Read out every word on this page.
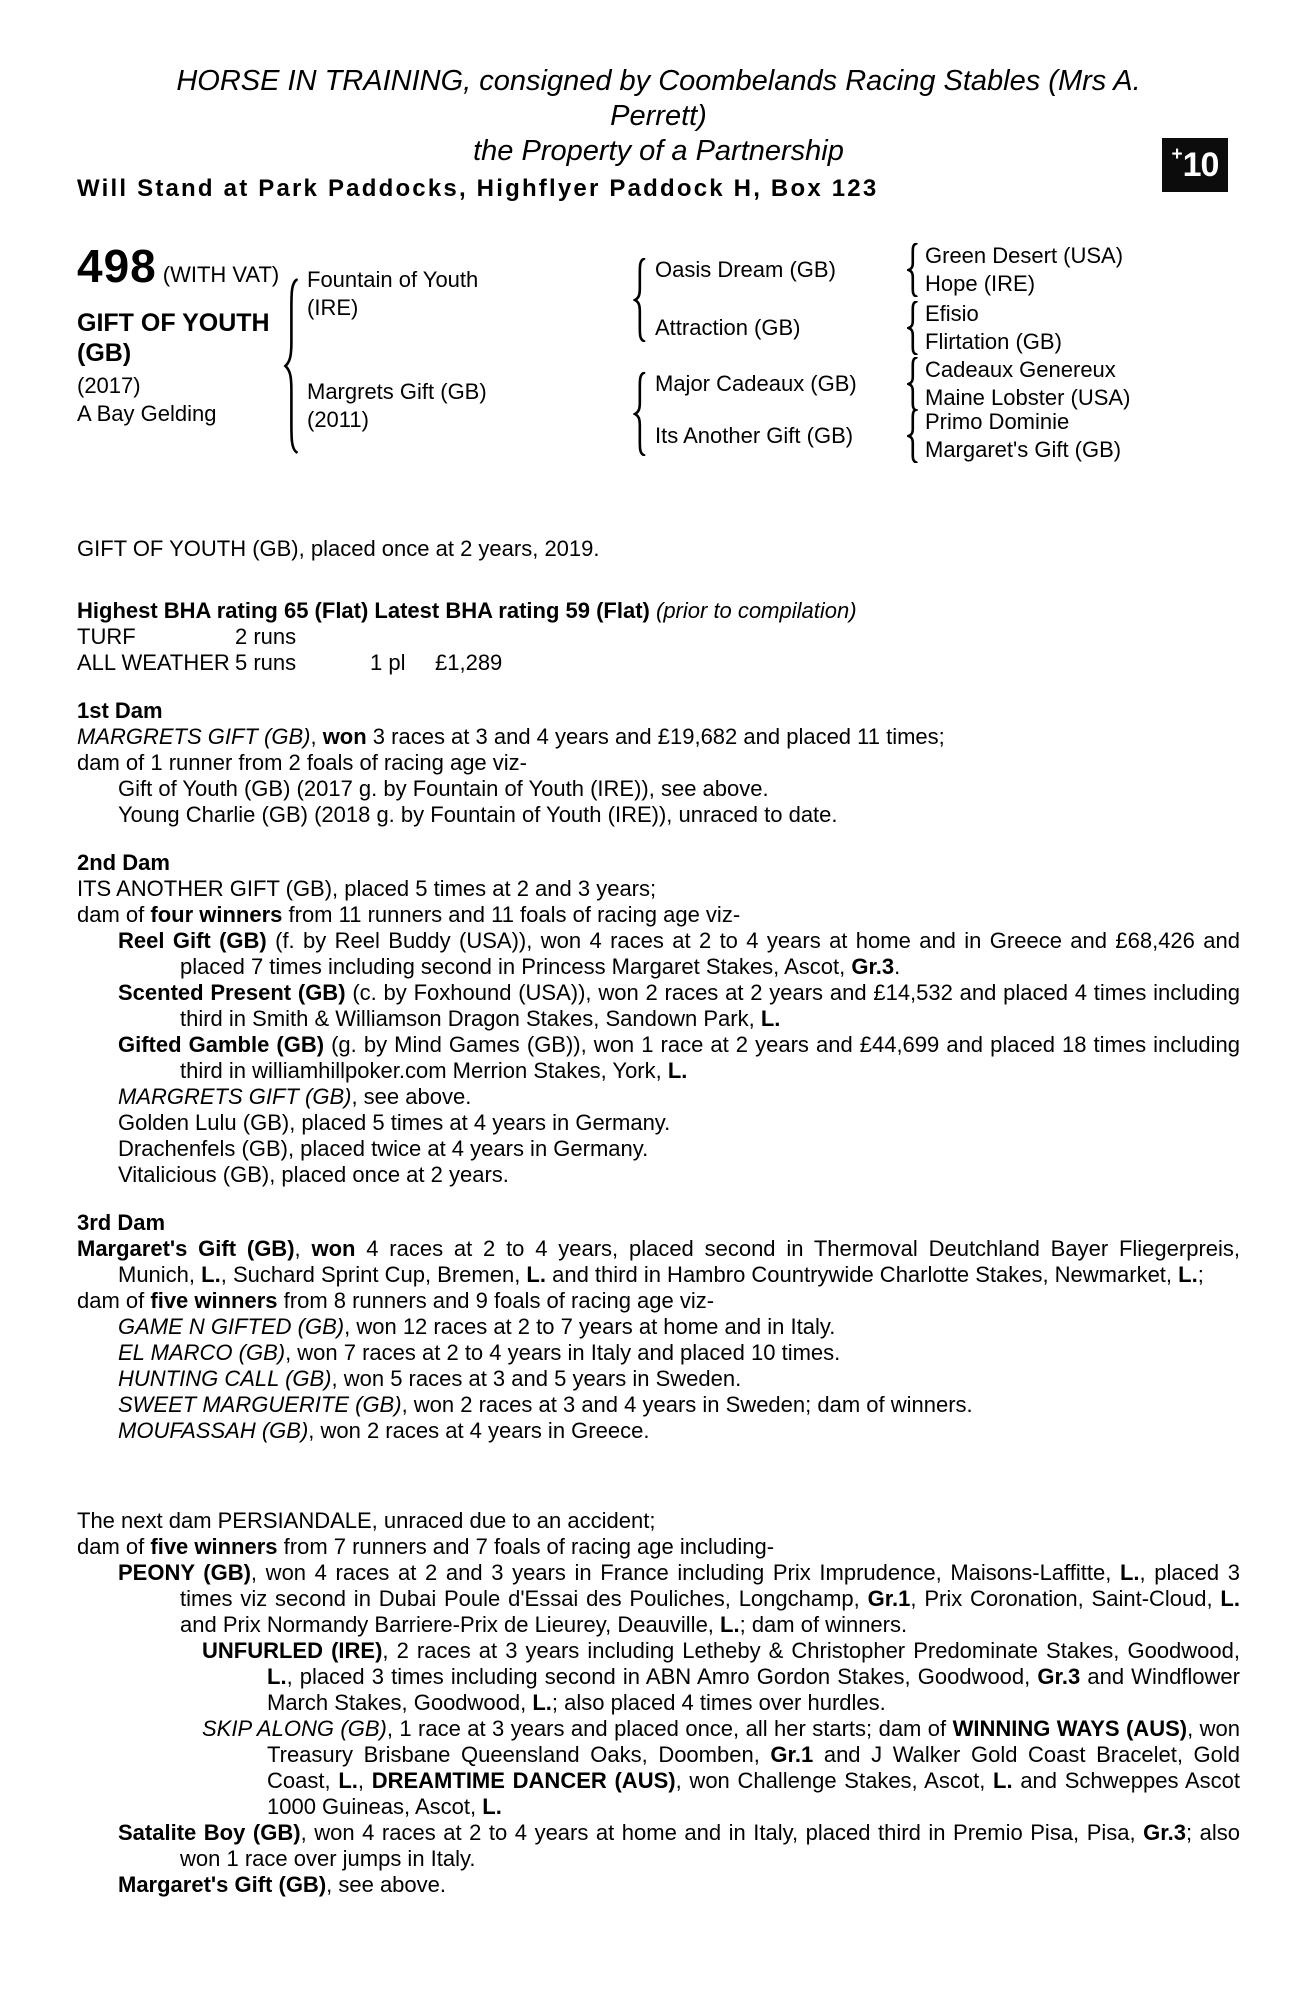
+ 10
HORSE IN TRAINING, consigned by Coombelands Racing Stables (Mrs A. Perrett)
the Property of a Partnership
Will Stand at Park Paddocks, Highflyer Paddock H, Box 123
498 (WITH VAT)
GIFT OF YOUTH (GB)
(2017)
A Bay Gelding
Fountain of Youth
(IRE)
Margrets Gift (GB)
(2011)
Oasis Dream (GB)
Attraction (GB)
Major Cadeaux (GB)
Its Another Gift (GB)
Green Desert (USA)
Hope (IRE)
Efisio
Flirtation (GB)
Cadeaux Genereux
Maine Lobster (USA)
Primo Dominie
Margaret's Gift (GB)

GIFT OF YOUTH (GB), placed once at 2 years, 2019.

Highest BHA rating 65 (Flat) Latest BHA rating 59 (Flat) (prior to compilation)

TURF	2 runs		
ALL WEATHER	5 runs	1 pl	£1,289
1st Dam

MARGRETS GIFT (GB), won 3 races at 3 and 4 years and £19,682 and placed 11 times;

dam of 1 runner from 2 foals of racing age viz-

Gift of Youth (GB) (2017 g. by Fountain of Youth (IRE)), see above.

Young Charlie (GB) (2018 g. by Fountain of Youth (IRE)), unraced to date.

2nd Dam

ITS ANOTHER GIFT (GB), placed 5 times at 2 and 3 years;

dam of four winners from 11 runners and 11 foals of racing age viz-

Reel Gift (GB) (f. by Reel Buddy (USA)), won 4 races at 2 to 4 years at home and in Greece and £68,426 and placed 7 times including second in Princess Margaret Stakes, Ascot, Gr.3.

Scented Present (GB) (c. by Foxhound (USA)), won 2 races at 2 years and £14,532 and placed 4 times including third in Smith & Williamson Dragon Stakes, Sandown Park, L.

Gifted Gamble (GB) (g. by Mind Games (GB)), won 1 race at 2 years and £44,699 and placed 18 times including third in williamhillpoker.com Merrion Stakes, York, L.

MARGRETS GIFT (GB), see above.

Golden Lulu (GB), placed 5 times at 4 years in Germany.

Drachenfels (GB), placed twice at 4 years in Germany.

Vitalicious (GB), placed once at 2 years.

3rd Dam

Margaret's Gift (GB), won 4 races at 2 to 4 years, placed second in Thermoval Deutchland Bayer Fliegerpreis, Munich, L., Suchard Sprint Cup, Bremen, L. and third in Hambro Countrywide Charlotte Stakes, Newmarket, L.;

dam of five winners from 8 runners and 9 foals of racing age viz-

GAME N GIFTED (GB), won 12 races at 2 to 7 years at home and in Italy.

EL MARCO (GB), won 7 races at 2 to 4 years in Italy and placed 10 times.

HUNTING CALL (GB), won 5 races at 3 and 5 years in Sweden.

SWEET MARGUERITE (GB), won 2 races at 3 and 4 years in Sweden; dam of winners.

MOUFASSAH (GB), won 2 races at 4 years in Greece.

The next dam PERSIANDALE, unraced due to an accident;

dam of five winners from 7 runners and 7 foals of racing age including-

PEONY (GB), won 4 races at 2 and 3 years in France including Prix Imprudence, Maisons-Laffitte, L., placed 3 times viz second in Dubai Poule d'Essai des Pouliches, Longchamp, Gr.1, Prix Coronation, Saint-Cloud, L. and Prix Normandy Barriere-Prix de Lieurey, Deauville, L.; dam of winners.

UNFURLED (IRE), 2 races at 3 years including Letheby & Christopher Predominate Stakes, Goodwood, L., placed 3 times including second in ABN Amro Gordon Stakes, Goodwood, Gr.3 and Windflower March Stakes, Goodwood, L.; also placed 4 times over hurdles.

SKIP ALONG (GB), 1 race at 3 years and placed once, all her starts; dam of WINNING WAYS (AUS), won Treasury Brisbane Queensland Oaks, Doomben, Gr.1 and J Walker Gold Coast Bracelet, Gold Coast, L., DREAMTIME DANCER (AUS), won Challenge Stakes, Ascot, L. and Schweppes Ascot 1000 Guineas, Ascot, L.

Satalite Boy (GB), won 4 races at 2 to 4 years at home and in Italy, placed third in Premio Pisa, Pisa, Gr.3; also won 1 race over jumps in Italy.

Margaret's Gift (GB), see above.
